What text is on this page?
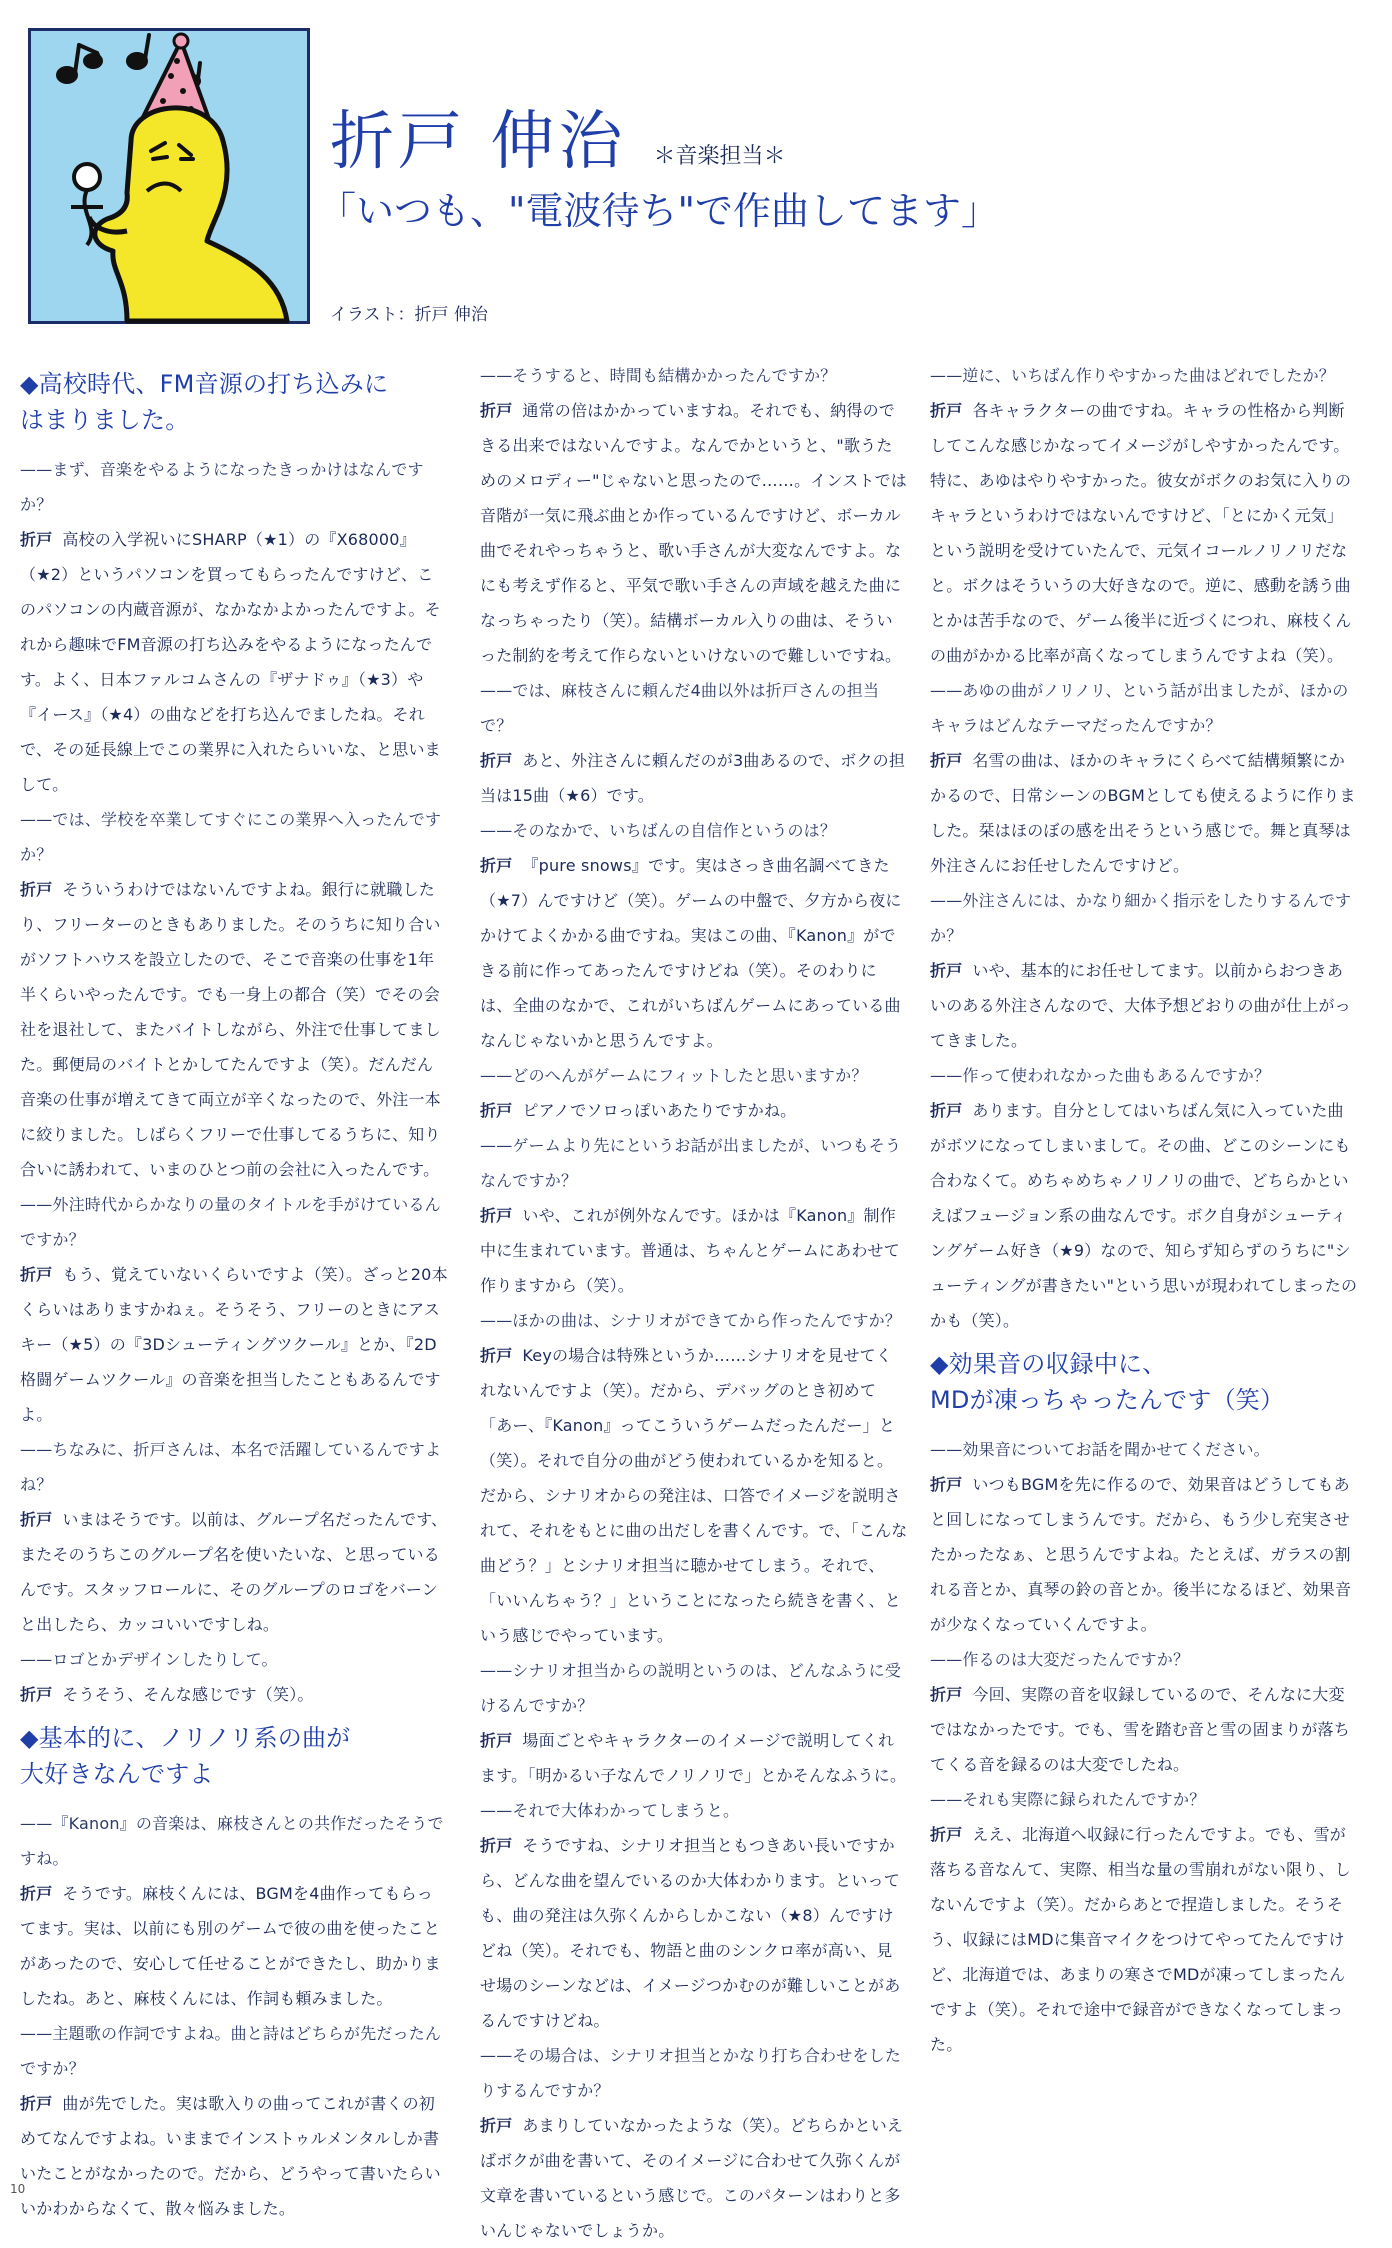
折戸 伸治 ＊音楽担当＊
「いつも、"電波待ち"で作曲してます」
イラスト：折戸 伸治
◆高校時代、FM音源の打ち込みに
はまりました。

——まず、音楽をやるようになったきっかけはなんですか？

折戸 高校の入学祝いにSHARP（★1）の『X68000』（★2）というパソコンを買ってもらったんですけど、このパソコンの内蔵音源が、なかなかよかったんですよ。それから趣味でFM音源の打ち込みをやるようになったんです。よく、日本ファルコムさんの『ザナドゥ』（★3）や『イース』（★4）の曲などを打ち込んでましたね。それで、その延長線上でこの業界に入れたらいいな、と思いまして。

——では、学校を卒業してすぐにこの業界へ入ったんですか？

折戸 そういうわけではないんですよね。銀行に就職したり、フリーターのときもありました。そのうちに知り合いがソフトハウスを設立したので、そこで音楽の仕事を1年半くらいやったんです。でも一身上の都合（笑）でその会社を退社して、またバイトしながら、外注で仕事してました。郵便局のバイトとかしてたんですよ（笑）。だんだん音楽の仕事が増えてきて両立が辛くなったので、外注一本に絞りました。しばらくフリーで仕事してるうちに、知り合いに誘われて、いまのひとつ前の会社に入ったんです。

——外注時代からかなりの量のタイトルを手がけているんですか？

折戸 もう、覚えていないくらいですよ（笑）。ざっと20本くらいはありますかねぇ。そうそう、フリーのときにアスキー（★5）の『3Dシューティングツクール』とか、『2D格闘ゲームツクール』の音楽を担当したこともあるんですよ。

——ちなみに、折戸さんは、本名で活躍しているんですよね？

折戸 いまはそうです。以前は、グループ名だったんです、またそのうちこのグループ名を使いたいな、と思っているんです。スタッフロールに、そのグループのロゴをバーンと出したら、カッコいいですしね。

——ロゴとかデザインしたりして。

折戸 そうそう、そんな感じです（笑）。

◆基本的に、ノリノリ系の曲が
大好きなんですよ

——『Kanon』の音楽は、麻枝さんとの共作だったそうですね。

折戸 そうです。麻枝くんには、BGMを4曲作ってもらってます。実は、以前にも別のゲームで彼の曲を使ったことがあったので、安心して任せることができたし、助かりましたね。あと、麻枝くんには、作詞も頼みました。

——主題歌の作詞ですよね。曲と詩はどちらが先だったんですか？

折戸 曲が先でした。実は歌入りの曲ってこれが書くの初めてなんですよね。いままでインストゥルメンタルしか書いたことがなかったので。だから、どうやって書いたらいいかわからなくて、散々悩みました。

——そうすると、時間も結構かかったんですか？

折戸 通常の倍はかかっていますね。それでも、納得のできる出来ではないんですよ。なんでかというと、"歌うためのメロディー"じゃないと思ったので……。インストでは音階が一気に飛ぶ曲とか作っているんですけど、ボーカル曲でそれやっちゃうと、歌い手さんが大変なんですよ。なにも考えず作ると、平気で歌い手さんの声域を越えた曲になっちゃったり（笑）。結構ボーカル入りの曲は、そういった制約を考えて作らないといけないので難しいですね。

——では、麻枝さんに頼んだ4曲以外は折戸さんの担当で？

折戸 あと、外注さんに頼んだのが3曲あるので、ボクの担当は15曲（★6）です。

——そのなかで、いちばんの自信作というのは？

折戸 『pure snows』です。実はさっき曲名調べてきた（★7）んですけど（笑）。ゲームの中盤で、夕方から夜にかけてよくかかる曲ですね。実はこの曲、『Kanon』ができる前に作ってあったんですけどね（笑）。そのわりには、全曲のなかで、これがいちばんゲームにあっている曲なんじゃないかと思うんですよ。

——どのへんがゲームにフィットしたと思いますか？

折戸 ピアノでソロっぽいあたりですかね。

——ゲームより先にというお話が出ましたが、いつもそうなんですか？

折戸 いや、これが例外なんです。ほかは『Kanon』制作中に生まれています。普通は、ちゃんとゲームにあわせて作りますから（笑）。

——ほかの曲は、シナリオができてから作ったんですか？

折戸 Keyの場合は特殊というか……シナリオを見せてくれないんですよ（笑）。だから、デバッグのとき初めて「あー、『Kanon』ってこういうゲームだったんだー」と（笑）。それで自分の曲がどう使われているかを知ると。だから、シナリオからの発注は、口答でイメージを説明されて、それをもとに曲の出だしを書くんです。で、「こんな曲どう？」とシナリオ担当に聴かせてしまう。それで、「いいんちゃう？」ということになったら続きを書く、という感じでやっています。

——シナリオ担当からの説明というのは、どんなふうに受けるんですか？

折戸 場面ごとやキャラクターのイメージで説明してくれます。「明かるい子なんでノリノリで」とかそんなふうに。

——それで大体わかってしまうと。

折戸 そうですね、シナリオ担当ともつきあい長いですから、どんな曲を望んでいるのか大体わかります。といっても、曲の発注は久弥くんからしかこない（★8）んですけどね（笑）。それでも、物語と曲のシンクロ率が高い、見せ場のシーンなどは、イメージつかむのが難しいことがあるんですけどね。

——その場合は、シナリオ担当とかなり打ち合わせをしたりするんですか？

折戸 あまりしていなかったような（笑）。どちらかといえばボクが曲を書いて、そのイメージに合わせて久弥くんが文章を書いているという感じで。このパターンはわりと多いんじゃないでしょうか。

——逆に、いちばん作りやすかった曲はどれでしたか？

折戸 各キャラクターの曲ですね。キャラの性格から判断してこんな感じかなってイメージがしやすかったんです。特に、あゆはやりやすかった。彼女がボクのお気に入りのキャラというわけではないんですけど、「とにかく元気」という説明を受けていたんで、元気イコールノリノリだなと。ボクはそういうの大好きなので。逆に、感動を誘う曲とかは苦手なので、ゲーム後半に近づくにつれ、麻枝くんの曲がかかる比率が高くなってしまうんですよね（笑）。

——あゆの曲がノリノリ、という話が出ましたが、ほかのキャラはどんなテーマだったんですか？

折戸 名雪の曲は、ほかのキャラにくらべて結構頻繁にかかるので、日常シーンのBGMとしても使えるように作りました。栞はほのぼの感を出そうという感じで。舞と真琴は外注さんにお任せしたんですけど。

——外注さんには、かなり細かく指示をしたりするんですか？

折戸 いや、基本的にお任せしてます。以前からおつきあいのある外注さんなので、大体予想どおりの曲が仕上がってきました。

——作って使われなかった曲もあるんですか？

折戸 あります。自分としてはいちばん気に入っていた曲がボツになってしまいまして。その曲、どこのシーンにも合わなくて。めちゃめちゃノリノリの曲で、どちらかといえばフュージョン系の曲なんです。ボク自身がシューティングゲーム好き（★9）なので、知らず知らずのうちに"シューティングが書きたい"という思いが現われてしまったのかも（笑）。

◆効果音の収録中に、
MDが凍っちゃったんです（笑）

——効果音についてお話を聞かせてください。

折戸 いつもBGMを先に作るので、効果音はどうしてもあと回しになってしまうんです。だから、もう少し充実させたかったなぁ、と思うんですよね。たとえば、ガラスの割れる音とか、真琴の鈴の音とか。後半になるほど、効果音が少なくなっていくんですよ。

——作るのは大変だったんですか？

折戸 今回、実際の音を収録しているので、そんなに大変ではなかったです。でも、雪を踏む音と雪の固まりが落ちてくる音を録るのは大変でしたね。

——それも実際に録られたんですか？

折戸 ええ、北海道へ収録に行ったんですよ。でも、雪が落ちる音なんて、実際、相当な量の雪崩れがない限り、しないんですよ（笑）。だからあとで捏造しました。そうそう、収録にはMDに集音マイクをつけてやってたんですけど、北海道では、あまりの寒さでMDが凍ってしまったんですよ（笑）。それで途中で録音ができなくなってしまった。

10
